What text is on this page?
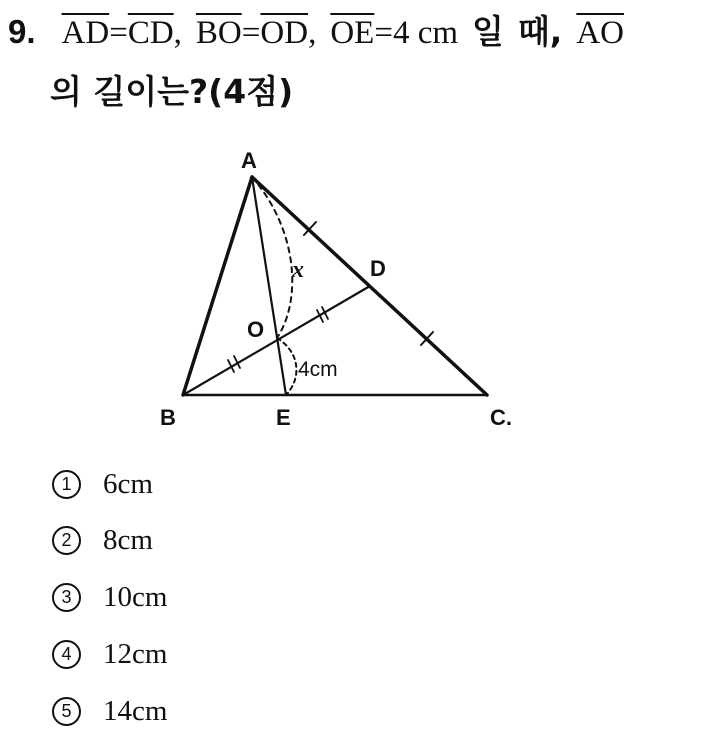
9. $\overline{AD}=\overline{CD}$, $\overline{BO}=\overline{OD}$, $\overline{OE}=4$ cm 일 때, $\overline{AO}$
의 길이는?(4점)
A
B	C.
D
E
O
x
4cm
1	6cm
2	8cm
3	10cm
4	12cm
5	14cm
